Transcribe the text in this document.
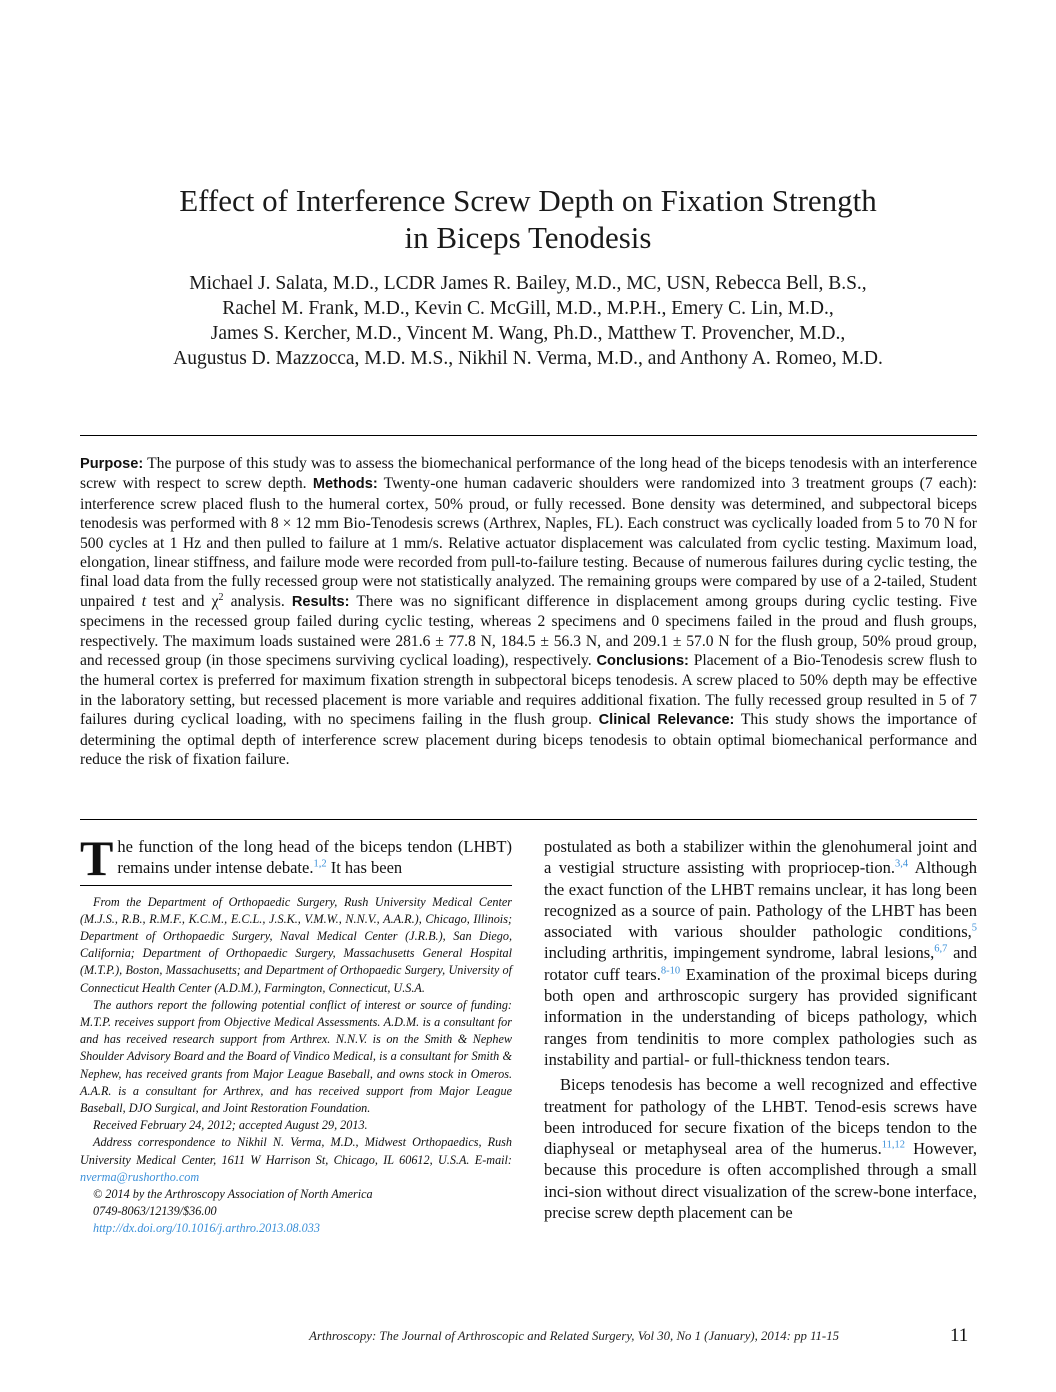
Effect of Interference Screw Depth on Fixation Strength
in Biceps Tenodesis
Michael J. Salata, M.D., LCDR James R. Bailey, M.D., MC, USN, Rebecca Bell, B.S.,
Rachel M. Frank, M.D., Kevin C. McGill, M.D., M.P.H., Emery C. Lin, M.D.,
James S. Kercher, M.D., Vincent M. Wang, Ph.D., Matthew T. Provencher, M.D.,
Augustus D. Mazzocca, M.D. M.S., Nikhil N. Verma, M.D., and Anthony A. Romeo, M.D.
Purpose: The purpose of this study was to assess the biomechanical performance of the long head of the biceps tenodesis with an interference screw with respect to screw depth. Methods: Twenty-one human cadaveric shoulders were randomized into 3 treatment groups (7 each): interference screw placed flush to the humeral cortex, 50% proud, or fully recessed. Bone density was determined, and subpectoral biceps tenodesis was performed with 8 × 12 mm Bio-Tenodesis screws (Arthrex, Naples, FL). Each construct was cyclically loaded from 5 to 70 N for 500 cycles at 1 Hz and then pulled to failure at 1 mm/s. Relative actuator displacement was calculated from cyclic testing. Maximum load, elongation, linear stiffness, and failure mode were recorded from pull-to-failure testing. Because of numerous failures during cyclic testing, the final load data from the fully recessed group were not statistically analyzed. The remaining groups were compared by use of a 2-tailed, Student unpaired t test and $\chi^2$ analysis. Results: There was no significant difference in displacement among groups during cyclic testing. Five specimens in the recessed group failed during cyclic testing, whereas 2 specimens and 0 specimens failed in the proud and flush groups, respectively. The maximum loads sustained were 281.6 ± 77.8 N, 184.5 ± 56.3 N, and 209.1 ± 57.0 N for the flush group, 50% proud group, and recessed group (in those specimens surviving cyclical loading), respectively. Conclusions: Placement of a Bio-Tenodesis screw flush to the humeral cortex is preferred for maximum fixation strength in subpectoral biceps tenodesis. A screw placed to 50% depth may be effective in the laboratory setting, but recessed placement is more variable and requires additional fixation. The fully recessed group resulted in 5 of 7 failures during cyclical loading, with no specimens failing in the flush group. Clinical Relevance: This study shows the importance of determining the optimal depth of interference screw placement during biceps tenodesis to obtain optimal biomechanical performance and reduce the risk of fixation failure.

The function of the long head of the biceps tendon (LHBT) remains under intense debate.$^{1,2}$ It has been

From the Department of Orthopaedic Surgery, Rush University Medical Center (M.J.S., R.B., R.M.F., K.C.M., E.C.L., J.S.K., V.M.W., N.N.V., A.A.R.), Chicago, Illinois; Department of Orthopaedic Surgery, Naval Medical Center (J.R.B.), San Diego, California; Department of Orthopaedic Surgery, Massachusetts General Hospital (M.T.P.), Boston, Massachusetts; and Department of Orthopaedic Surgery, University of Connecticut Health Center (A.D.M.), Farmington, Connecticut, U.S.A.

The authors report the following potential conflict of interest or source of funding: M.T.P. receives support from Objective Medical Assessments. A.D.M. is a consultant for and has received research support from Arthrex. N.N.V. is on the Smith & Nephew Shoulder Advisory Board and the Board of Vindico Medical, is a consultant for Smith & Nephew, has received grants from Major League Baseball, and owns stock in Omeros. A.A.R. is a consultant for Arthrex, and has received support from Major League Baseball, DJO Surgical, and Joint Restoration Foundation.

Received February 24, 2012; accepted August 29, 2013.

Address correspondence to Nikhil N. Verma, M.D., Midwest Orthopaedics, Rush University Medical Center, 1611 W Harrison St, Chicago, IL 60612, U.S.A. E-mail: nverma@rushortho.com

© 2014 by the Arthroscopy Association of North America

0749-8063/12139/$36.00

http://dx.doi.org/10.1016/j.arthro.2013.08.033

postulated as both a stabilizer within the glenohumeral joint and a vestigial structure assisting with propriocep-tion.$^{3,4}$ Although the exact function of the LHBT remains unclear, it has long been recognized as a source of pain. Pathology of the LHBT has been associated with various shoulder pathologic conditions,$^5$ including arthritis, impingement syndrome, labral lesions,$^{6,7}$ and rotator cuff tears.$^{8-10}$ Examination of the proximal biceps during both open and arthroscopic surgery has provided significant information in the understanding of biceps pathology, which ranges from tendinitis to more complex pathologies such as instability and partial- or full-thickness tendon tears.

Biceps tenodesis has become a well recognized and effective treatment for pathology of the LHBT. Tenod-esis screws have been introduced for secure fixation of the biceps tendon to the diaphyseal or metaphyseal area of the humerus.$^{11,12}$ However, because this procedure is often accomplished through a small inci-sion without direct visualization of the screw-bone interface, precise screw depth placement can be

Arthroscopy: The Journal of Arthroscopic and Related Surgery, Vol 30, No 1 (January), 2014: pp 11-15	11
